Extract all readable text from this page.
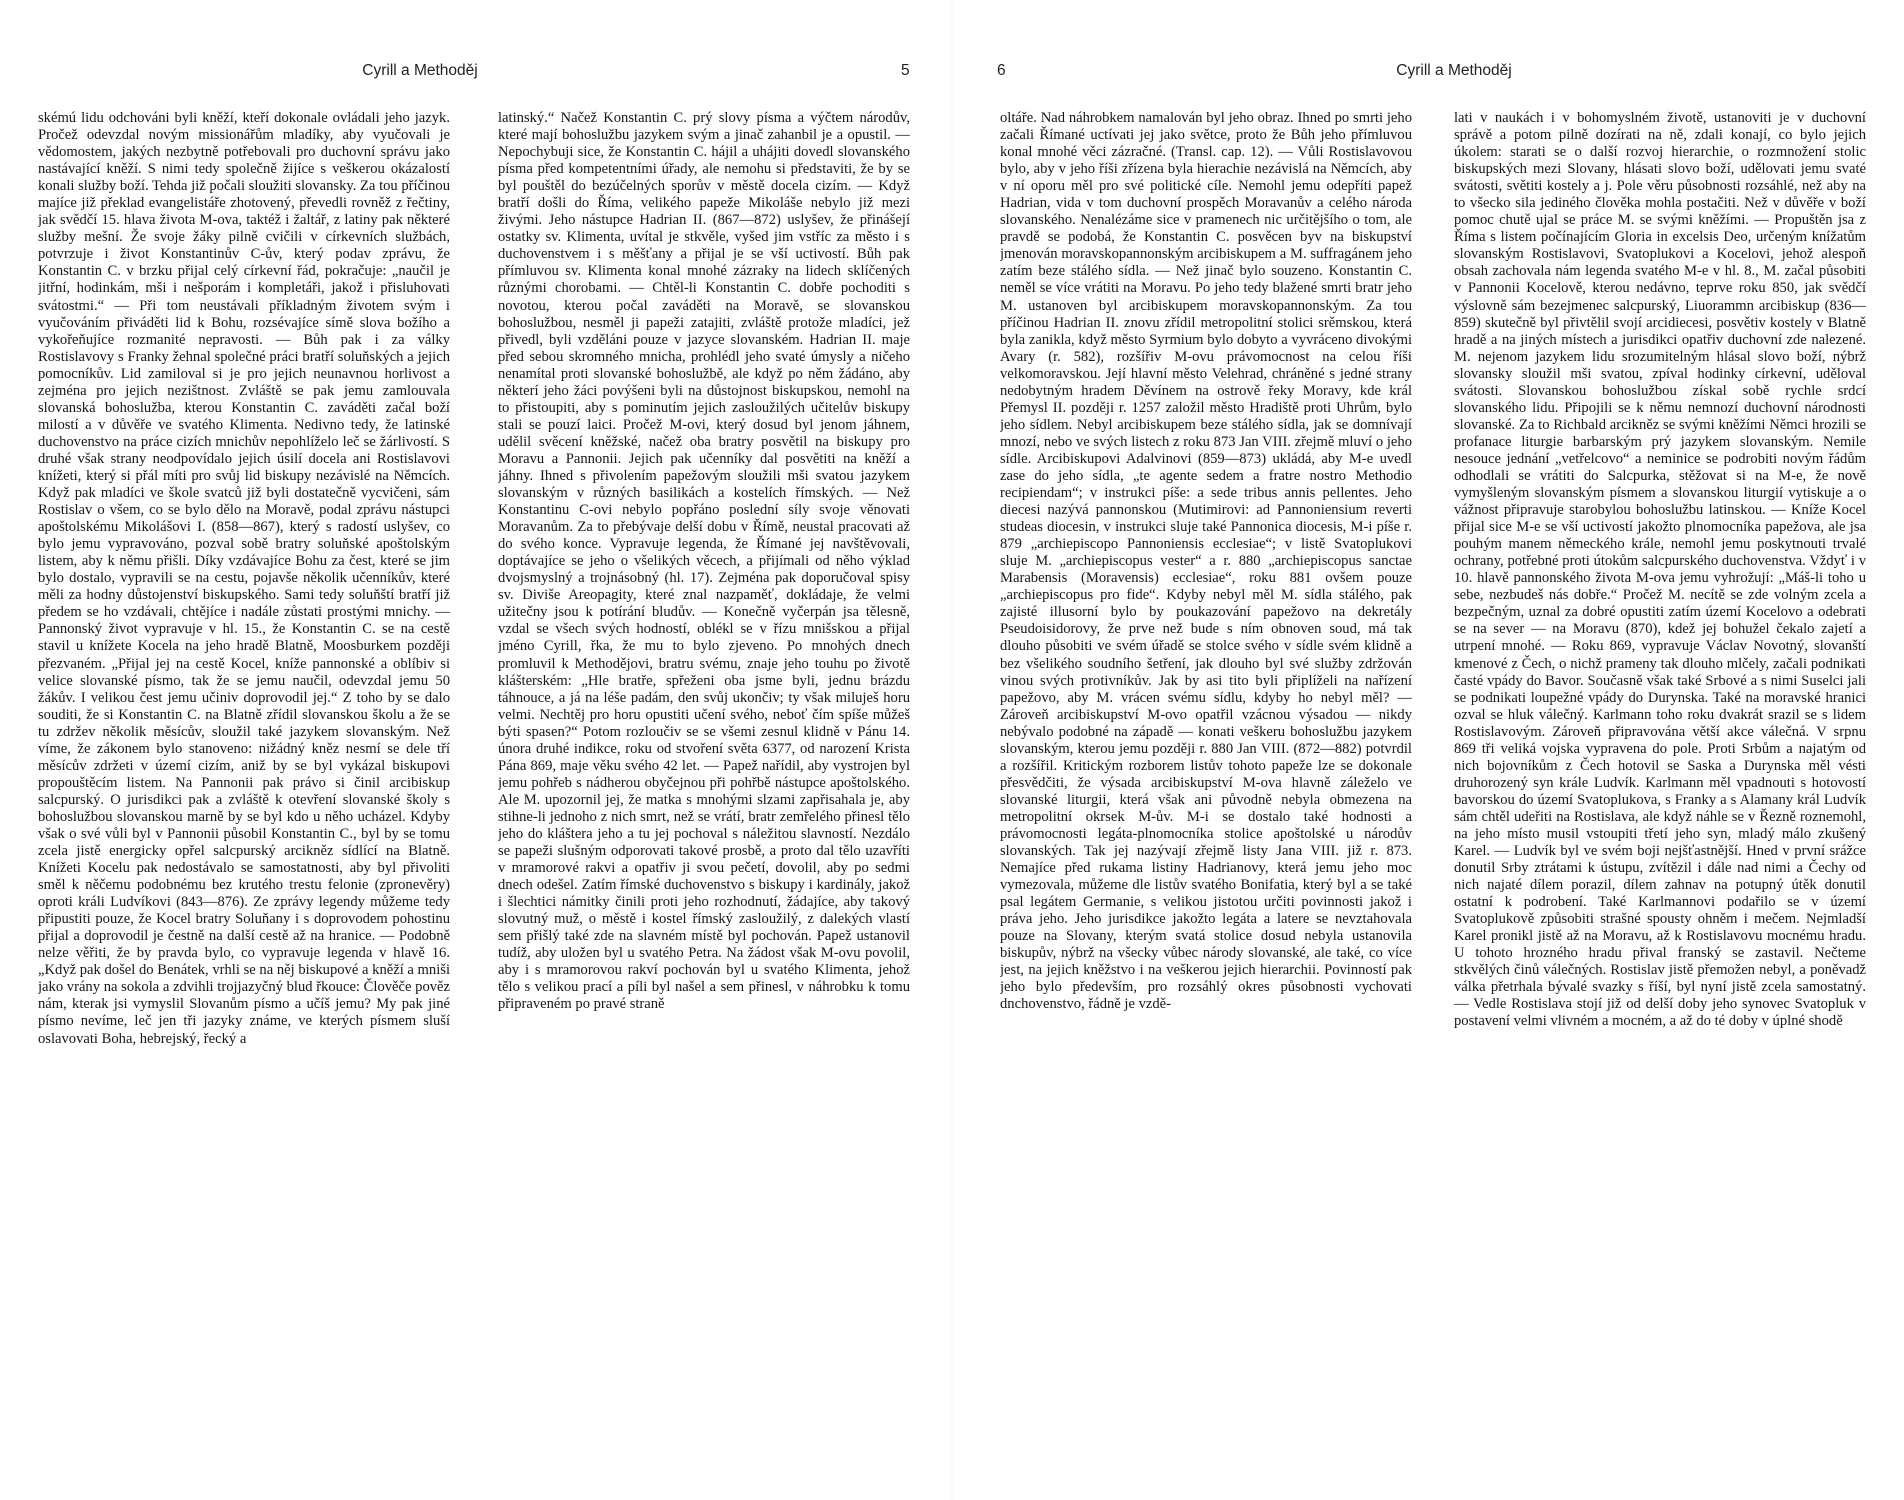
Cyrill a Methoděj	5

skémú lidu odchováni byli kněží, kteří dokonale ovládali jeho jazyk. Pročež odevzdal novým missionářům mladíky, aby vyučovali je vědomostem, jakých nezbytně potřebovali pro duchovní správu jako nastávající kněží. S nimi tedy společně žijíce s veškerou okázalostí konali služby boží. Tehda již počali sloužiti slovansky. Za tou příčinou majíce již překlad evangelistáře zhotovený, převedli rovněž z řečtiny, jak svědčí 15. hlava života M-ova, taktéž i žaltář, z latiny pak některé služby mešní. Že svoje žáky pilně cvičili v církevních službách, potvrzuje i život Konstantinův C-ův, který podav zprávu, že Konstantin C. v brzku přijal celý církevní řád, pokračuje: „naučil je jitřní, hodinkám, mši i nešporám i kompletáři, jakož i přisluhovati svátostmi.“ — Při tom neustávali příkladným životem svým i vyučováním přiváděti lid k Bohu, rozsévajíce símě slova božího a vykořeňujíce rozmanité nepravosti. — Bůh pak i za války Rostislavovy s Franky žehnal společné práci bratří soluňských a jejich pomocníkův. Lid zamiloval si je pro jejich neunavnou horlivost a zejména pro jejich nezištnost. Zvláště se pak jemu zamlouvala slovanská bohoslužba, kterou Konstantin C. zaváděti začal boží milostí a v důvěře ve svatého Klimenta. Nedivno tedy, že latinské duchovenstvo na práce cizích mnichův nepohlíželo leč se žárlivostí. S druhé však strany neodpovídalo jejich úsilí docela ani Rostislavovi knížeti, který si přál míti pro svůj lid biskupy nezávislé na Němcích. Když pak mladíci ve škole svatců již byli dostatečně vycvičeni, sám Rostislav o všem, co se bylo dělo na Moravě, podal zprávu nástupci apoštolskému Mikolášovi I. (858—867), který s radostí uslyšev, co bylo jemu vypravováno, pozval sobě bratry soluňské apoštolským listem, aby k němu přišli. Díky vzdávajíce Bohu za čest, které se jim bylo dostalo, vypravili se na cestu, pojavše několik učenníkův, které měli za hodny důstojenství biskupského. Sami tedy soluňští bratří již předem se ho vzdávali, chtějíce i nadále zůstati prostými mnichy. — Pannonský život vypravuje v hl. 15., že Konstantin C. se na cestě stavil u knížete Kocela na jeho hradě Blatně, Moosburkem později přezvaném. „Přijal jej na cestě Kocel, kníže pannonské a oblíbiv si velice slovanské písmo, tak že se jemu naučil, odevzdal jemu 50 žákův. I velikou čest jemu učiniv doprovodil jej.“ Z toho by se dalo souditi, že si Konstantin C. na Blatně zřídil slovanskou školu a že se tu zdržev několik měsícův, sloužil také jazykem slovanským. Než víme, že zákonem bylo stanoveno: nižádný kněz nesmí se dele tří měsícův zdržeti v území cizím, aniž by se byl vykázal biskupovi propouštěcím listem. Na Pannonii pak právo si činil arcibiskup salcpurský. O jurisdikci pak a zvláště k otevření slovanské školy s bohoslužbou slovanskou marně by se byl kdo u něho ucházel. Kdyby však o své vůli byl v Pannonii působil Konstantin C., byl by se tomu zcela jistě energicky opřel salcpurský arcikněz sídlící na Blatně. Knížeti Kocelu pak nedostávalo se samostatnosti, aby byl přivoliti směl k něčemu podobnému bez krutého trestu felonie (zpronevěry) oproti králi Ludvíkovi (843—876). Ze zprávy legendy můžeme tedy připustiti pouze, že Kocel bratry Soluňany i s doprovodem pohostinu přijal a doprovodil je čestně na další cestě až na hranice. — Podobně nelze věřiti, že by pravda bylo, co vypravuje legenda v hlavě 16. „Když pak došel do Benátek, vrhli se na něj biskupové a kněží a mniši jako vrány na sokola a zdvihli trojjazyčný blud řkouce: Člověče pověz nám, kterak jsi vymyslil Slovanům písmo a učíš jemu? My pak jiné písmo nevíme, leč jen tři jazyky známe, ve kterých písmem sluší oslavovati Boha, hebrejský, řecký a

latinský.“ Načež Konstantin C. prý slovy písma a výčtem národův, které mají bohoslužbu jazykem svým a jinač zahanbil je a opustil. — Nepochybuji sice, že Konstantin C. hájil a uhájiti dovedl slovanského písma před kompetentními úřady, ale nemohu si představiti, že by se byl pouštěl do bezúčelných sporův v městě docela cizím. — Když bratří došli do Říma, velikého papeže Mikoláše nebylo již mezi živými. Jeho nástupce Hadrian II. (867—872) uslyšev, že přinášejí ostatky sv. Klimenta, uvítal je stkvěle, vyšed jim vstříc za město i s duchovenstvem i s měšťany a přijal je se vší uctivostí. Bůh pak přímluvou sv. Klimenta konal mnohé zázraky na lidech sklíčených různými chorobami. — Chtěl-li Konstantin C. dobře pochoditi s novotou, kterou počal zaváděti na Moravě, se slovanskou bohoslužbou, nesměl ji papeži zatajiti, zvláště protože mladíci, jež přivedl, byli vzděláni pouze v jazyce slovanském. Hadrian II. maje před sebou skromného mnicha, prohlédl jeho svaté úmysly a ničeho nenamítal proti slovanské bohoslužbě, ale když po něm žádáno, aby některí jeho žáci povýšeni byli na důstojnost biskupskou, nemohl na to přistoupiti, aby s pominutím jejich zasloužilých učitelův biskupy stali se pouzí laici. Pročež M-ovi, který dosud byl jenom jáhnem, udělil svěcení kněžské, načež oba bratry posvětil na biskupy pro Moravu a Pannonii. Jejich pak učenníky dal posvětiti na kněží a jáhny. Ihned s přivolením papežovým sloužili mši svatou jazykem slovanským v různých basilikách a kostelích římských. — Než Konstantinu C-ovi nebylo popřáno poslední síly svoje věnovati Moravanům. Za to přebývaje delší dobu v Římě, neustal pracovati až do svého konce. Vypravuje legenda, že Římané jej navštěvovali, doptávajíce se jeho o všelikých věcech, a přijímali od něho výklad dvojsmyslný a trojnásobný (hl. 17). Zejména pak doporučoval spisy sv. Diviše Areopagity, které znal nazpaměť, dokládaje, že velmi užitečny jsou k potírání bludův. — Konečně vyčerpán jsa tělesně, vzdal se všech svých hodností, oblékl se v řízu mnišskou a přijal jméno Cyrill, řka, že mu to bylo zjeveno. Po mnohých dnech promluvil k Methodějovi, bratru svému, znaje jeho touhu po životě klášterském: „Hle bratře, spřeženi oba jsme byli, jednu brázdu táhnouce, a já na léše padám, den svůj ukončiv; ty však miluješ horu velmi. Nechtěj pro horu opustiti učení svého, neboť čím spíše můžeš býti spasen?“ Potom rozloučiv se se všemi zesnul klidně v Pánu 14. února druhé indikce, roku od stvoření světa 6377, od narození Krista Pána 869, maje věku svého 42 let. — Papež nařídil, aby vystrojen byl jemu pohřeb s nádherou obyčejnou při pohřbě nástupce apoštolského. Ale M. upozornil jej, že matka s mnohými slzami zapřisahala je, aby stihne-li jednoho z nich smrt, než se vrátí, bratr zemřelého přinesl tělo jeho do kláštera jeho a tu jej pochoval s náležitou slavností. Nezdálo se papeži slušným odporovati takové prosbě, a proto dal tělo uzavříti v mramorové rakvi a opatřiv ji svou pečetí, dovolil, aby po sedmi dnech odešel. Zatím římské duchovenstvo s biskupy i kardinály, jakož i šlechtici námitky činili proti jeho rozhodnutí, žádajíce, aby takový slovutný muž, o městě i kostel římský zasloužilý, z dalekých vlastí sem přišlý také zde na slavném místě byl pochován. Papež ustanovil tudíž, aby uložen byl u svatého Petra. Na žádost však M-ovu povolil, aby i s mramorovou rakví pochován byl u svatého Klimenta, jehož tělo s velikou prací a píli byl našel a sem přinesl, v náhrobku k tomu připraveném po pravé straně

6	Cyrill a Methoděj

oltáře. Nad náhrobkem namalován byl jeho obraz. Ihned po smrti jeho začali Římané uctívati jej jako světce, proto že Bůh jeho přímluvou konal mnohé věci zázračné. (Transl. cap. 12). — Vůli Rostislavovou bylo, aby v jeho říši zřízena byla hierachie nezávislá na Němcích, aby v ní oporu měl pro své politické cíle. Nemohl jemu odepříti papež Hadrian, vida v tom duchovní prospěch Moravanův a celého národa slovanského. Nenalézáme sice v pramenech nic určitějšího o tom, ale pravdě se podobá, že Konstantin C. posvěcen byv na biskupství jmenován moravskopannonským arcibiskupem a M. suffragánem jeho zatím beze stálého sídla. — Než jinač bylo souzeno. Konstantin C. neměl se více vrátiti na Moravu. Po jeho tedy blažené smrti bratr jeho M. ustanoven byl arcibiskupem moravskopannonským. Za tou příčinou Hadrian II. znovu zřídil metropolitní stolici srěmskou, která byla zanikla, když město Syrmium bylo dobyto a vyvráceno divokými Avary (r. 582), rozšířiv M-ovu právomocnost na celou říši velkomoravskou. Její hlavní město Velehrad, chráněné s jedné strany nedobytným hradem Děvínem na ostrově řeky Moravy, kde král Přemysl II. později r. 1257 založil město Hradiště proti Uhrům, bylo jeho sídlem. Nebyl arcibiskupem beze stálého sídla, jak se domnívají mnozí, nebo ve svých listech z roku 873 Jan VIII. zřejmě mluví o jeho sídle. Arcibiskupovi Adalvinovi (859—873) ukládá, aby M-e uvedl zase do jeho sídla, „te agente sedem a fratre nostro Methodio recipiendam“; v instrukci píše: a sede tribus annis pellentes. Jeho diecesi nazývá pannonskou (Mutimirovi: ad Pannoniensium reverti studeas diocesin, v instrukci sluje také Pannonica diocesis, M-i píše r. 879 „archiepiscopo Pannoniensis ecclesiae“; v listě Svatoplukovi sluje M. „archiepiscopus vester“ a r. 880 „archiepiscopus sanctae Marabensis (Moravensis) ecclesiae“, roku 881 ovšem pouze „archiepiscopus pro fide“. Kdyby nebyl měl M. sídla stálého, pak zajisté illusorní bylo by poukazování papežovo na dekretály Pseudoisidorovy, že prve než bude s ním obnoven soud, má tak dlouho působiti ve svém úřadě se stolce svého v sídle svém klidně a bez všelikého soudního šetření, jak dlouho byl své služby zdržován vinou svých protivníkův. Jak by asi tito byli připlíželi na nařízení papežovo, aby M. vrácen svému sídlu, kdyby ho nebyl měl? — Zároveň arcibiskupství M-ovo opatřil vzácnou výsadou — nikdy nebývalo podobné na západě — konati veškeru bohoslužbu jazykem slovanským, kterou jemu později r. 880 Jan VIII. (872—882) potvrdil a rozšířil. Kritickým rozborem listův tohoto papeže lze se dokonale přesvědčiti, že výsada arcibiskupství M-ova hlavně záleželo ve slovanské liturgii, která však ani původně nebyla obmezena na metropolitní okrsek M-ův. M-i se dostalo také hodnosti a právomocnosti legáta-plnomocníka stolice apoštolské u národův slovanských. Tak jej nazývají zřejmě listy Jana VIII. již r. 873. Nemajíce před rukama listiny Hadrianovy, která jemu jeho moc vymezovala, můžeme dle listův svatého Bonifatia, který byl a se také psal legátem Germanie, s velikou jistotou určiti povinnosti jakož i práva jeho. Jeho jurisdikce jakožto legáta a latere se nevztahovala pouze na Slovany, kterým svatá stolice dosud nebyla ustanovila biskupův, nýbrž na všecky vůbec národy slovanské, ale také, co více jest, na jejich kněžstvo i na veškerou jejich hierarchii. Povinností pak jeho bylo především, pro rozsáhlý okres působnosti vychovati dnchovenstvo, řádně je vzdě-

lati v naukách i v bohomyslném životě, ustanoviti je v duchovní správě a potom pilně dozírati na ně, zdali konají, co bylo jejich úkolem: starati se o další rozvoj hierarchie, o rozmnožení stolic biskupských mezi Slovany, hlásati slovo boží, udělovati jemu svaté svátosti, světiti kostely a j. Pole věru působnosti rozsáhlé, než aby na to všecko sila jediného člověka mohla postačiti. Než v důvěře v boží pomoc chutě ujal se práce M. se svými kněžími. — Propuštěn jsa z Říma s listem počínajícím Gloria in excelsis Deo, určeným knížatům slovanským Rostislavovi, Svatoplukovi a Kocelovi, jehož alespoň obsah zachovala nám legenda svatého M-e v hl. 8., M. začal působiti v Pannonii Kocelově, kterou nedávno, teprve roku 850, jak svědčí výslovně sám bezejmenec salcpurský, Liuorammn arcibiskup (836—859) skutečně byl přivtělil svojí arcidiecesi, posvětiv kostely v Blatně hradě a na jiných místech a jurisdikci opatřiv duchovní zde nalezené. M. nejenom jazykem lidu srozumitelným hlásal slovo boží, nýbrž slovansky sloužil mši svatou, zpíval hodinky církevní, uděloval svátosti. Slovanskou bohoslužbou získal sobě rychle srdcí slovanského lidu. Připojili se k němu nemnozí duchovní národnosti slovanské. Za to Richbald arcikněz se svými kněžími Němci hrozili se profanace liturgie barbarským prý jazykem slovanským. Nemile nesouce jednání „vetřelcovo“ a neminice se podrobiti novým řádům odhodlali se vrátiti do Salcpurka, stěžovat si na M-e, že nově vymyšleným slovanským písmem a slovanskou liturgií vytiskuje a o vážnost připravuje starobylou bohoslužbu latinskou. — Kníže Kocel přijal sice M-e se vší uctivostí jakožto plnomocníka papežova, ale jsa pouhým manem německého krále, nemohl jemu poskytnouti trvalé ochrany, potřebné proti útokům salcpurského duchovenstva. Vždyť i v 10. hlavě pannonského života M-ova jemu vyhrožují: „Máš-li toho u sebe, nezbudeš nás dobře.“ Pročež M. necítě se zde volným zcela a bezpečným, uznal za dobré opustiti zatím území Kocelovo a odebrati se na sever — na Moravu (870), kdež jej bohužel čekalo zajetí a utrpení mnohé. — Roku 869, vypravuje Václav Novotný, slovanští kmenové z Čech, o nichž prameny tak dlouho mlčely, začali podnikati časté vpády do Bavor. Současně však také Srbové a s nimi Suselci jali se podnikati loupežné vpády do Durynska. Také na moravské hranici ozval se hluk válečný. Karlmann toho roku dvakrát srazil se s lidem Rostislavovým. Zároveň připravována větší akce válečná. V srpnu 869 tři veliká vojska vypravena do pole. Proti Srbům a najatým od nich bojovníkům z Čech hotovil se Saska a Durynska měl vésti druhorozený syn krále Ludvík. Karlmann měl vpadnouti s hotovostí bavorskou do území Svatoplukova, s Franky a s Alamany král Ludvík sám chtěl udeřiti na Rostislava, ale když náhle se v Řezně roznemohl, na jeho místo musil vstoupiti třetí jeho syn, mladý málo zkušený Karel. — Ludvík byl ve svém boji nejšťastnější. Hned v první srážce donutil Srby ztrátami k ústupu, zvítězil i dále nad nimi a Čechy od nich najaté dílem porazil, dílem zahnav na potupný útěk donutil ostatní k podrobení. Také Karlmannovi podařilo se v území Svatoplukově způsobiti strašné spousty ohněm i mečem. Nejmladší Karel pronikl jistě až na Moravu, až k Rostislavovu mocnému hradu. U tohoto hrozného hradu přival franský se zastavil. Nečteme stkvělých činů válečných. Rostislav jistě přemožen nebyl, a poněvadž válka přetrhala bývalé svazky s říší, byl nyní jistě zcela samostatný. — Vedle Rostislava stojí již od delší doby jeho synovec Svatopluk v postavení velmi vlivném a mocném, a až do té doby v úplné shodě
